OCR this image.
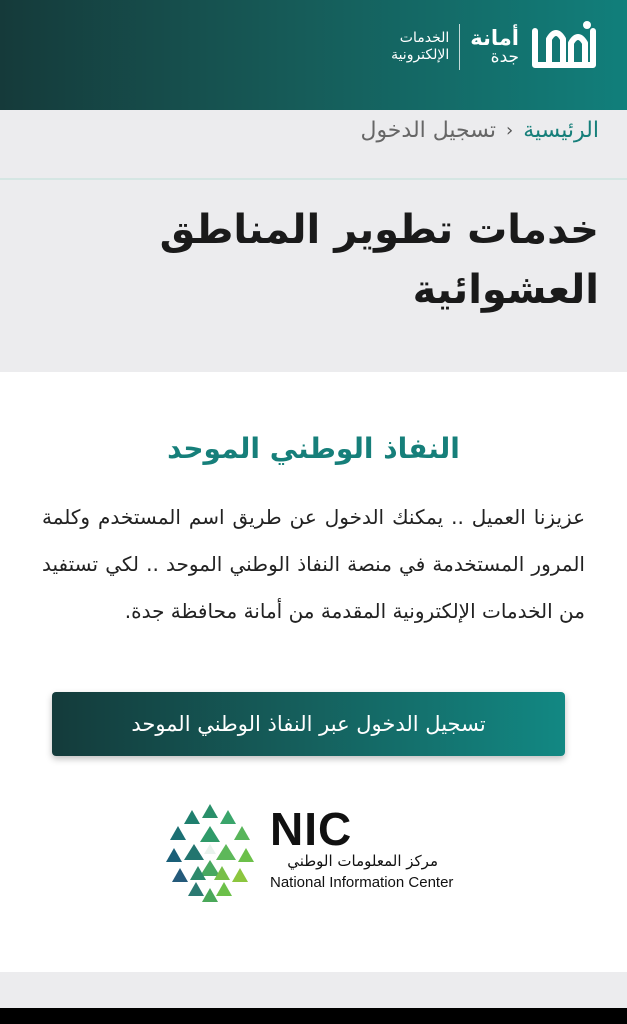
أمانة
جدة
الخدمات
الإلكترونية
الرئيسية
‹
تسجيل الدخول
خدمات تطوير المناطق
العشوائية
النفاذ الوطني الموحد

عزيزنا العميل .. يمكنك الدخول عن طريق اسم المستخدم وكلمة المرور المستخدمة في منصة النفاذ الوطني الموحد .. لكي تستفيد من الخدمات الإلكترونية المقدمة من أمانة محافظة جدة.

تسجيل الدخول عبر النفاذ الوطني الموحد
NIC
مركز المعلومات الوطني
National Information Center
